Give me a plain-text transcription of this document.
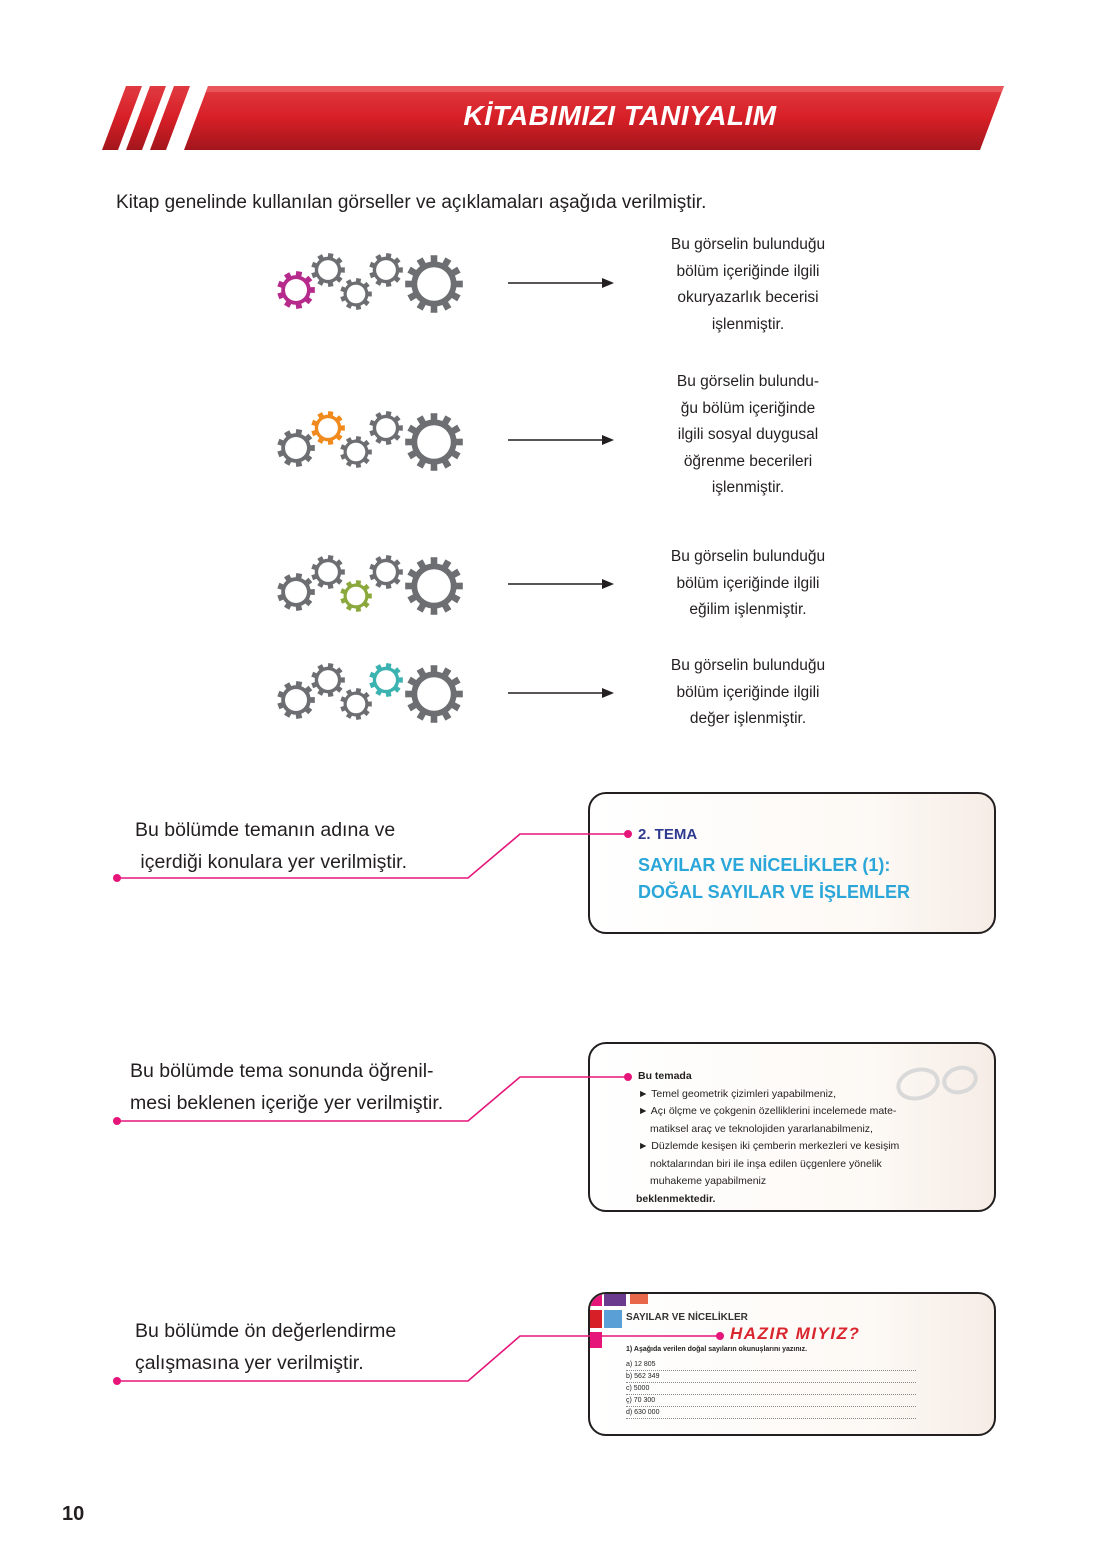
KİTABIMIZI TANIYALIM
Kitap genelinde kullanılan görseller ve açıklamaları aşağıda verilmiştir.
Bu görselin bulunduğu
bölüm içeriğinde ilgili
okuryazarlık becerisi
işlenmiştir.
Bu görselin bulundu-
ğu bölüm içeriğinde
ilgili sosyal duygusal
öğrenme becerileri
işlenmiştir.
Bu görselin bulunduğu
bölüm içeriğinde ilgili
eğilim işlenmiştir.
Bu görselin bulunduğu
bölüm içeriğinde ilgili
değer işlenmiştir.
Bu bölümde temanın adına ve
içerdiği konulara yer verilmiştir.
Bu bölümde tema sonunda öğrenil-
mesi beklenen içeriğe yer verilmiştir.
Bu bölümde ön değerlendirme
çalışmasına yer verilmiştir.
2. TEMA
SAYILAR VE NİCELİKLER (1):
DOĞAL SAYILAR VE İŞLEMLER
Bu temada
► Temel geometrik çizimleri yapabilmeniz,
► Açı ölçme ve çokgenin özelliklerini incelemede mate-
matiksel araç ve teknolojiden yararlanabilmeniz,
► Düzlemde kesişen iki çemberin merkezleri ve kesişim
noktalarından biri ile inşa edilen üçgenlere yönelik
muhakeme yapabilmeniz
beklenmektedir.
SAYILAR VE NİCELİKLER
HAZIR MIYIZ?
1) Aşağıda verilen doğal sayıların okunuşlarını yazınız.
a) 12 805
b) 562 349
c) 5000
ç) 70 300
d) 630 000
10
